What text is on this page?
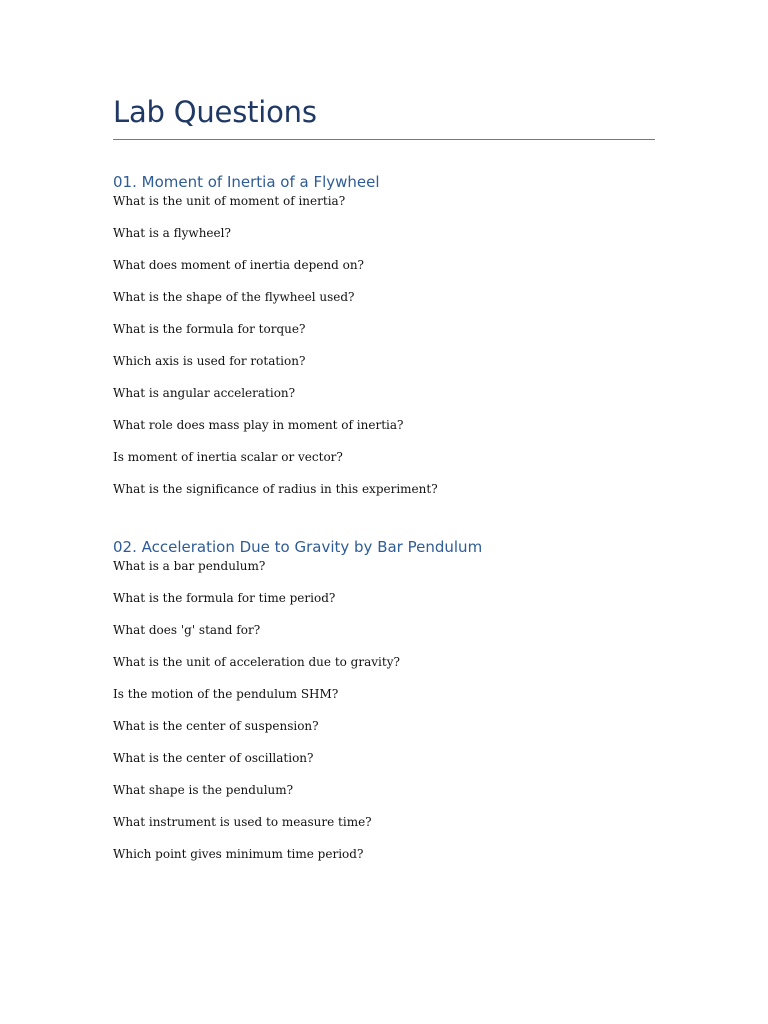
Lab Questions
01. Moment of Inertia of a Flywheel
What is the unit of moment of inertia?
What is a flywheel?
What does moment of inertia depend on?
What is the shape of the flywheel used?
What is the formula for torque?
Which axis is used for rotation?
What is angular acceleration?
What role does mass play in moment of inertia?
Is moment of inertia scalar or vector?
What is the significance of radius in this experiment?
02. Acceleration Due to Gravity by Bar Pendulum
What is a bar pendulum?
What is the formula for time period?
What does 'g' stand for?
What is the unit of acceleration due to gravity?
Is the motion of the pendulum SHM?
What is the center of suspension?
What is the center of oscillation?
What shape is the pendulum?
What instrument is used to measure time?
Which point gives minimum time period?
